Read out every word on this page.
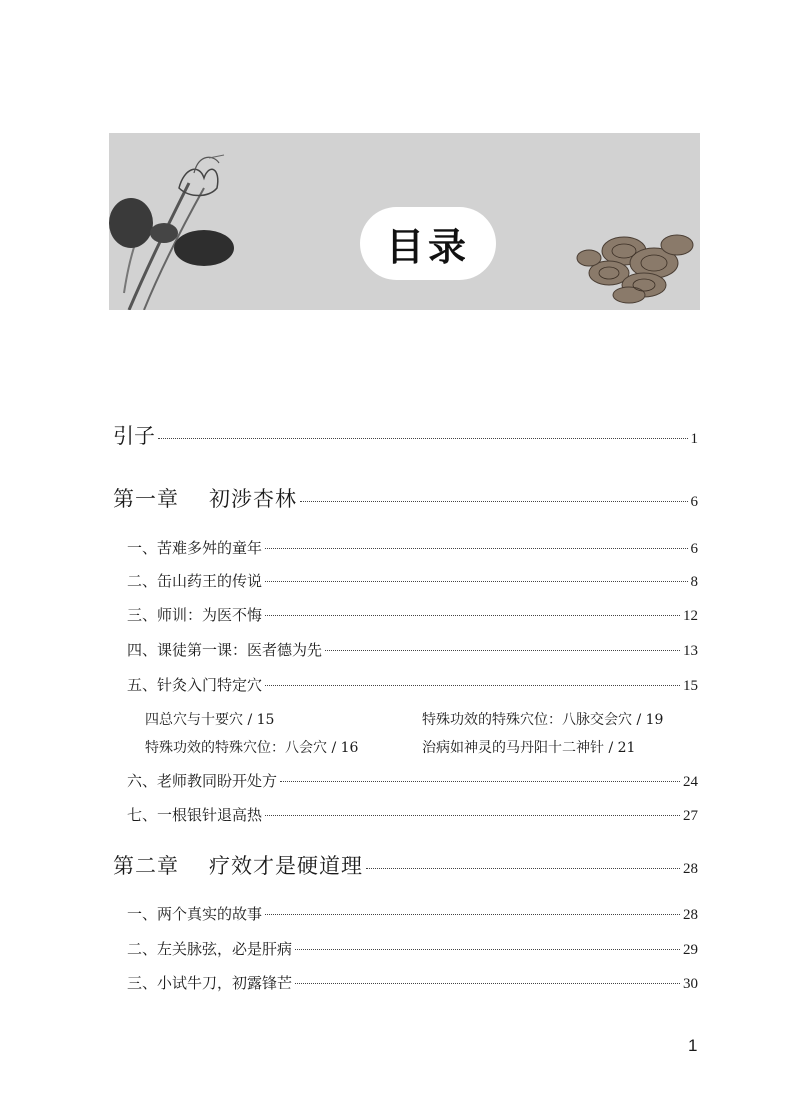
目录
引子	1
第一章 初涉杏林	6
一、苦难多舛的童年	6
二、缶山药王的传说	8
三、师训：为医不悔	12
四、课徒第一课：医者德为先	13
五、针灸入门特定穴	15
四总穴与十要穴 / 15	特殊功效的特殊穴位：八脉交会穴 / 19
特殊功效的特殊穴位：八会穴 / 16	治病如神灵的马丹阳十二神针 / 21
六、老师教同盼开处方	24
七、一根银针退高热	27
第二章 疗效才是硬道理	28
一、两个真实的故事	28
二、左关脉弦，必是肝病	29
三、小试牛刀，初露锋芒	30
1
